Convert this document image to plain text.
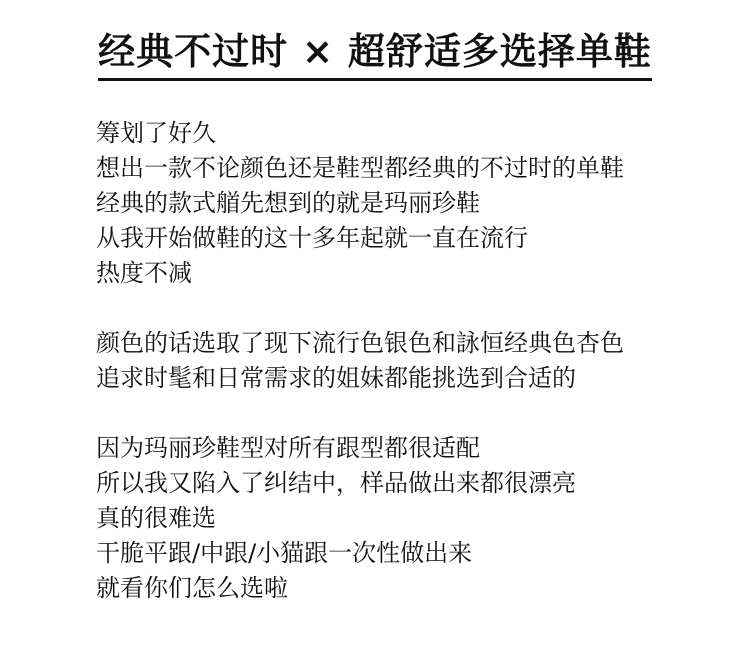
经典不过时 × 超舒适多选择单鞋
筹划了好久
想出一款不论颜色还是鞋型都经典的不过时的单鞋
经典的款式艏先想到的就是玛丽珍鞋
从我开始做鞋的这十多年起就一直在流行
热度不减
颜色的话选取了现下流行色银色和詠恒经典色杏色
追求时髦和日常需求的姐妹都能挑选到合适的
因为玛丽珍鞋型对所有跟型都很适配
所以我又陷入了纠结中，样品做出来都很漂亮
真的很难选
干脆平跟/中跟/小猫跟一次性做出来
就看你们怎么选啦
